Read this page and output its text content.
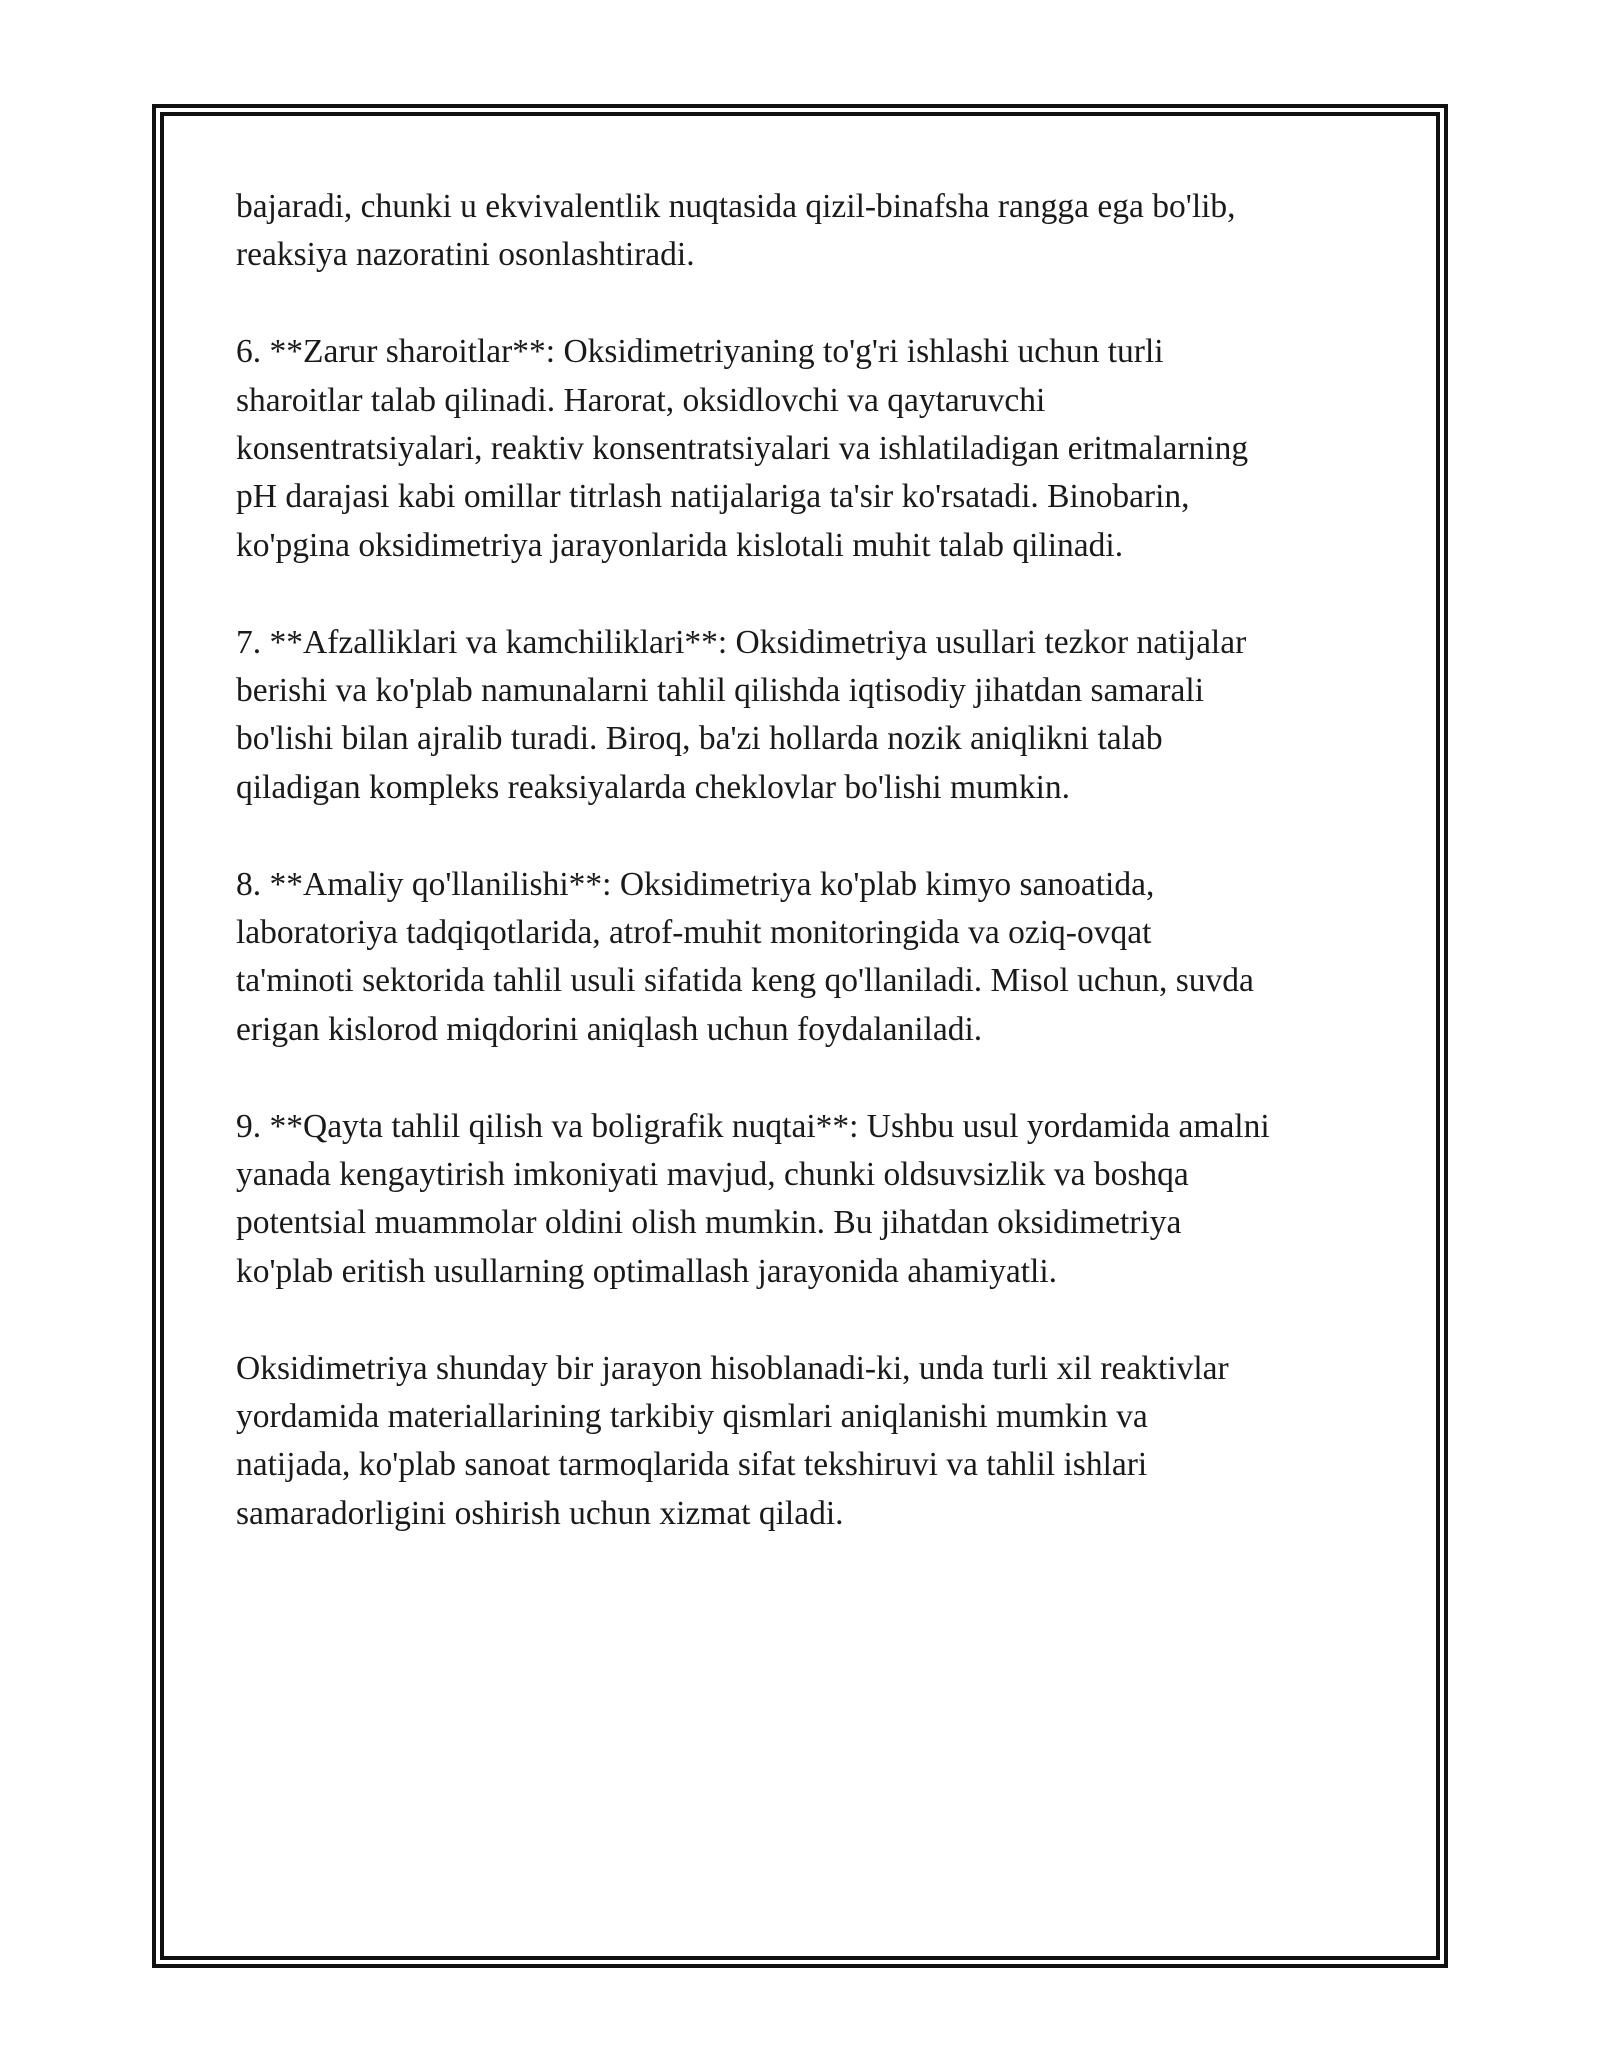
bajaradi, chunki u ekvivalentlik nuqtasida qizil-binafsha rangga ega bo'lib,
reaksiya nazoratini osonlashtiradi.

6. **Zarur sharoitlar**: Oksidimetriyaning to'g'ri ishlashi uchun turli
sharoitlar talab qilinadi. Harorat, oksidlovchi va qaytaruvchi
konsentratsiyalari, reaktiv konsentratsiyalari va ishlatiladigan eritmalarning
pH darajasi kabi omillar titrlash natijalariga ta'sir ko'rsatadi. Binobarin,
ko'pgina oksidimetriya jarayonlarida kislotali muhit talab qilinadi.

7. **Afzalliklari va kamchiliklari**: Oksidimetriya usullari tezkor natijalar
berishi va ko'plab namunalarni tahlil qilishda iqtisodiy jihatdan samarali
bo'lishi bilan ajralib turadi. Biroq, ba'zi hollarda nozik aniqlikni talab
qiladigan kompleks reaksiyalarda cheklovlar bo'lishi mumkin.

8. **Amaliy qo'llanilishi**: Oksidimetriya ko'plab kimyo sanoatida,
laboratoriya tadqiqotlarida, atrof-muhit monitoringida va oziq-ovqat
ta'minoti sektorida tahlil usuli sifatida keng qo'llaniladi. Misol uchun, suvda
erigan kislorod miqdorini aniqlash uchun foydalaniladi.

9. **Qayta tahlil qilish va boligrafik nuqtai**: Ushbu usul yordamida amalni
yanada kengaytirish imkoniyati mavjud, chunki oldsuvsizlik va boshqa
potentsial muammolar oldini olish mumkin. Bu jihatdan oksidimetriya
ko'plab eritish usullarning optimallash jarayonida ahamiyatli.

Oksidimetriya shunday bir jarayon hisoblanadi-ki, unda turli xil reaktivlar
yordamida materiallarining tarkibiy qismlari aniqlanishi mumkin va
natijada, ko'plab sanoat tarmoqlarida sifat tekshiruvi va tahlil ishlari
samaradorligini oshirish uchun xizmat qiladi.
